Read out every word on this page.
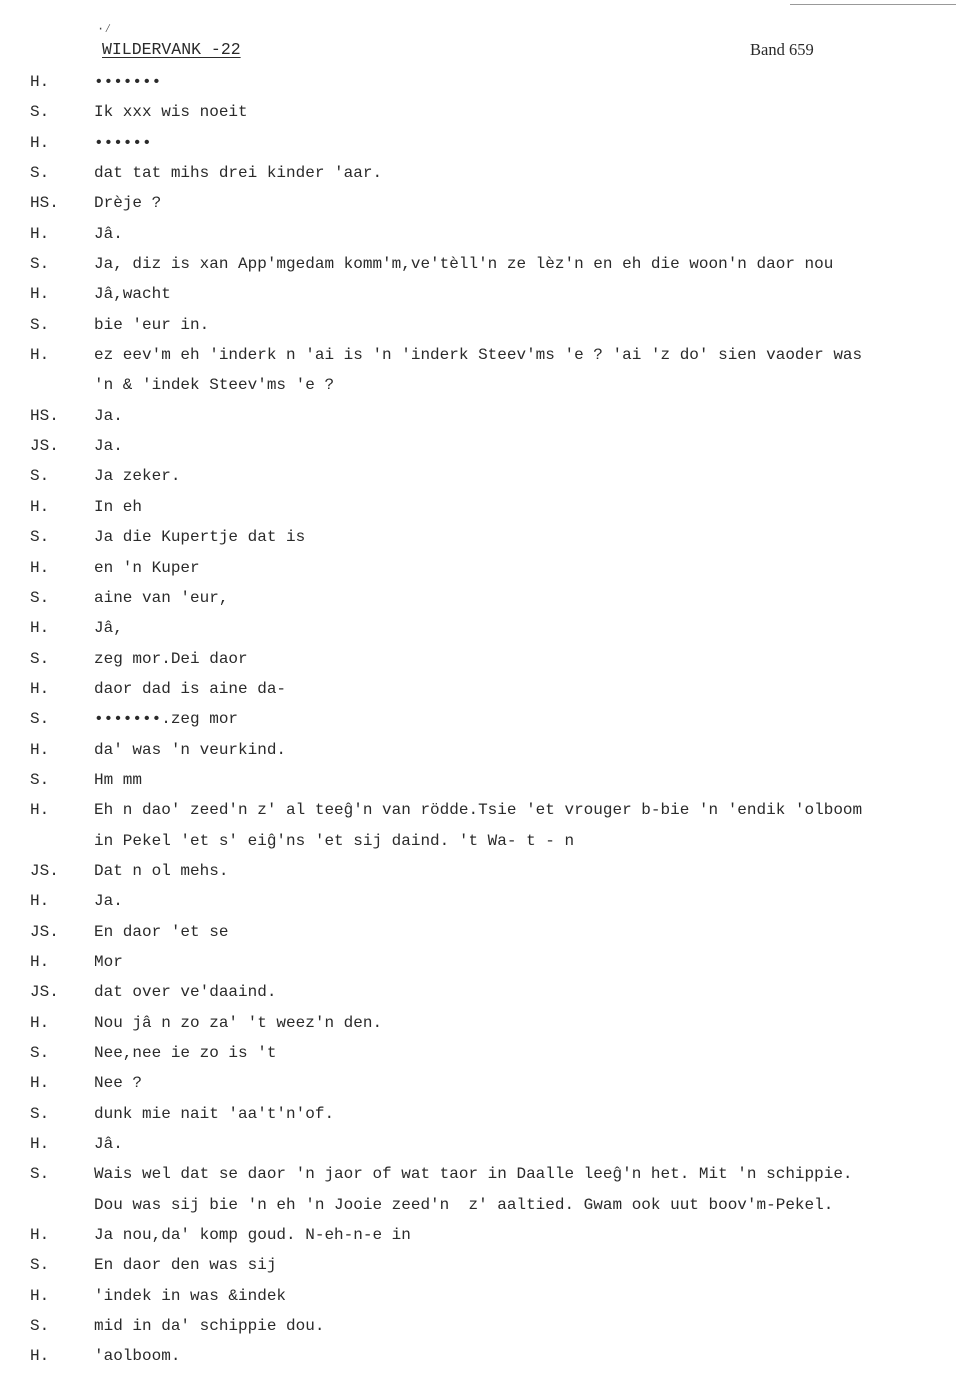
·∕
WILDERVANK -22	Band 659
H.	•••••••
S.	Ik xxx wis noeit
H.	••••••
S.	dat tat mihs drei kinder 'aar.
HS. Drèje ?
H.	Jâ.
S.	Ja, diz is xan App'mgedam komm'm,ve'tèll'n ze lèz'n en eh die woon'n daor nou
H.	Jâ,wacht
S.	bie 'eur in.
H.	ez eev'm eh 'inderk n 'ai is 'n 'inderk Steev'ms 'e ? 'ai 'z do' sien vaoder was
'n & 'indek Steev'ms 'e ?
HS. Ja.
JS. Ja.
S.	Ja zeker.
H.	In eh
S.	Ja die Kupertje dat is
H.	en 'n Kuper
S.	aine van 'eur,
H.	Jâ,
S.	zeg mor.Dei daor
H.	daor dad is aine da-
S.	•••••••.zeg mor
H.	da' was 'n veurkind.
S.	Hm mm
H.	Eh n dao' zeed'n z' al teeĝ'n van rödde.Tsie 'et vrouger b-bie 'n 'endik 'olboom
in Pekel 'et s' eiĝ'ns 'et sij daind. 't Wa- t - n
JS. Dat n ol mehs.
H.	Ja.
JS. En daor 'et se
H.	Mor
JS. dat over ve'daaind.
H.	Nou jâ n zo za' 't weez'n den.
S.	Nee,nee ie zo is 't
H.	Nee ?
S.	dunk mie nait 'aa't'n'of.
H.	Jâ.
S.	Wais wel dat se daor 'n jaor of wat taor in Daalle leeĝ'n het. Mit 'n schippie.
Dou was sij bie 'n eh 'n Jooie zeed'n  z' aaltied. Gwam ook uut boov'm-Pekel.
H.	Ja nou,da' komp goud. N-eh-n-e in
S.	En daor den was sij
H.	'indek in was &indek
S.	mid in da' schippie dou.
H.	'aolboom.
